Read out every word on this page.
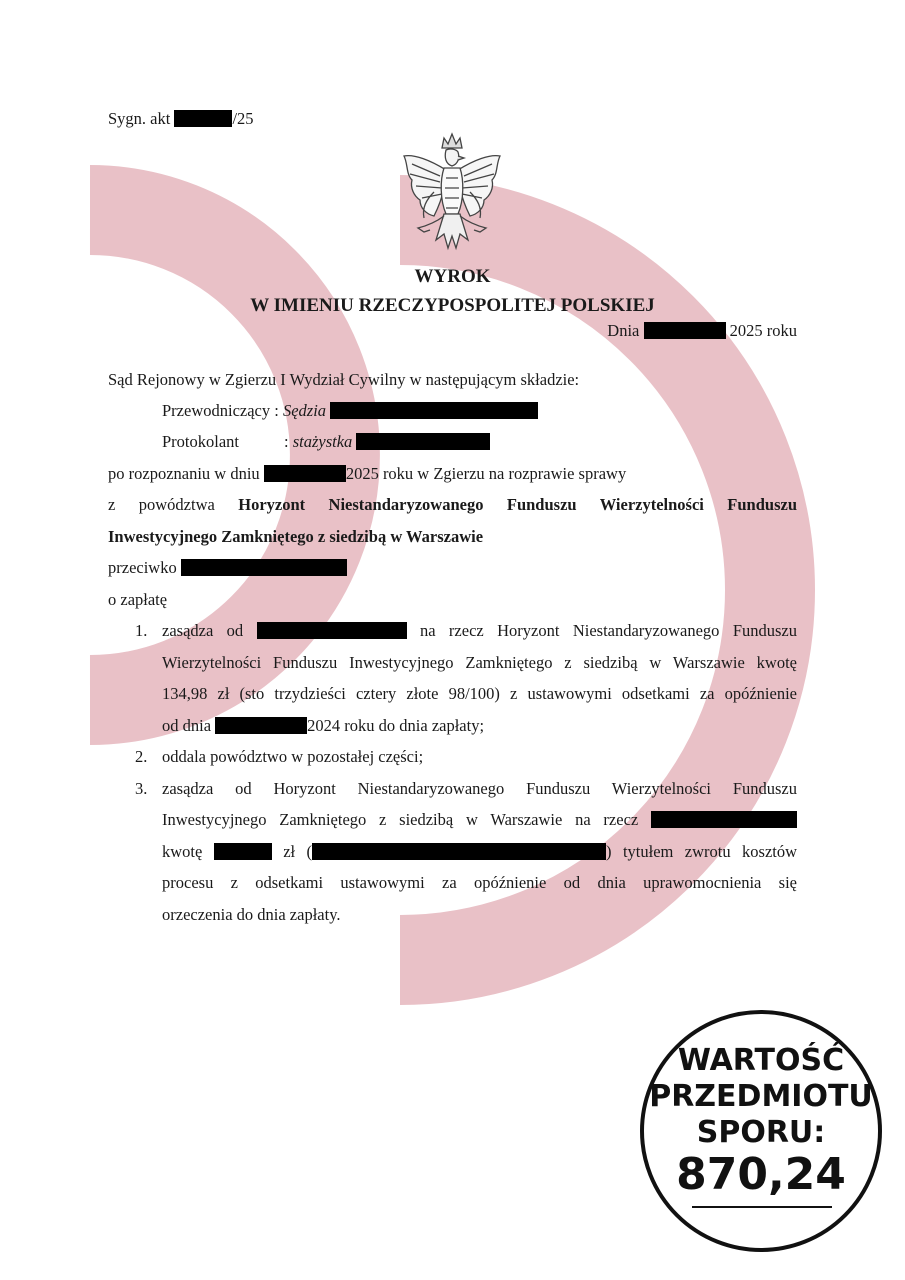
Sygn. akt	/25
WYROK
W IMIENIU RZECZYPOSPOLITEJ POLSKIEJ
Dnia	2025 roku
Sąd Rejonowy w Zgierzu I Wydział Cywilny w następującym składzie:
Przewodniczący : Sędzia
Protokolant	: stażystka
po rozpoznaniu w dniu	2025 roku w Zgierzu na rozprawie sprawy
z powództwa Horyzont Niestandaryzowanego Funduszu Wierzytelności Funduszu
Inwestycyjnego Zamkniętego z siedzibą w Warszawie
przeciwko
o zapłatę
1. zasądza od	na rzecz Horyzont Niestandaryzowanego Funduszu
Wierzytelności Funduszu Inwestycyjnego Zamkniętego z siedzibą w Warszawie kwotę
134,98 zł (sto trzydzieści cztery złote 98/100) z ustawowymi odsetkami za opóźnienie
od dnia	2024 roku do dnia zapłaty;
2. oddala powództwo w pozostałej części;
3. zasądza od Horyzont Niestandaryzowanego Funduszu Wierzytelności Funduszu
Inwestycyjnego Zamkniętego z siedzibą w Warszawie na rzecz
kwotę	zł (	) tytułem zwrotu kosztów
procesu z odsetkami ustawowymi za opóźnienie od dnia uprawomocnienia się
orzeczenia do dnia zapłaty.
WARTOŚĆ
PRZEDMIOTU
SPORU:
870,24
